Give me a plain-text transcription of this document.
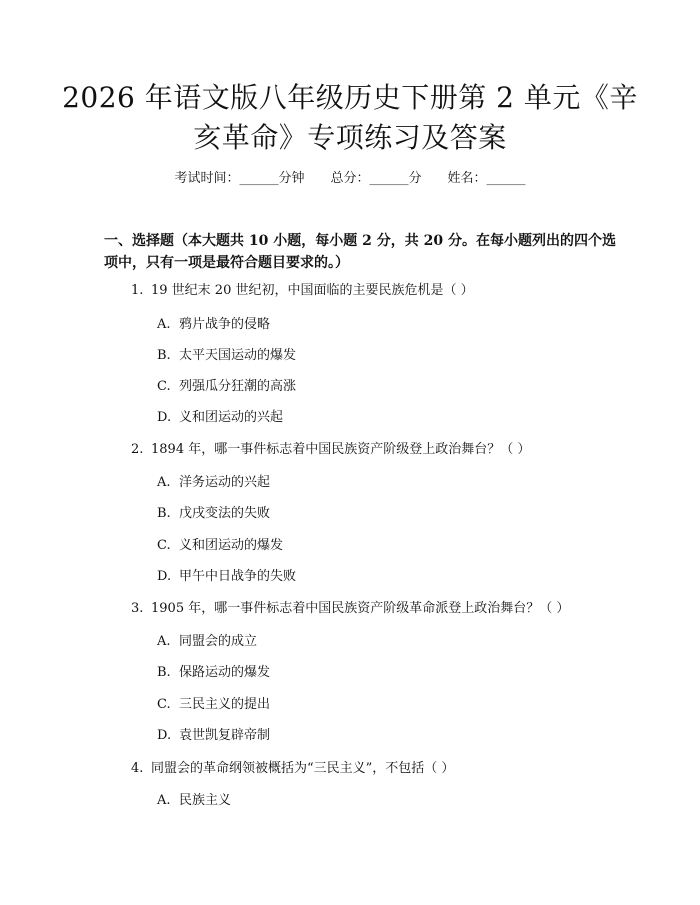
2026 年语文版八年级历史下册第 2 单元《辛
亥革命》专项练习及答案
考试时间：______分钟 总分：______分 姓名：______
一、选择题（本大题共 10 小题，每小题 2 分，共 20 分。在每小题列出的四个选
项中，只有一项是最符合题目要求的。）
1. 19 世纪末 20 世纪初，中国面临的主要民族危机是（ ）
A. 鸦片战争的侵略
B. 太平天国运动的爆发
C. 列强瓜分狂潮的高涨
D. 义和团运动的兴起
2. 1894 年，哪一事件标志着中国民族资产阶级登上政治舞台？（ ）
A. 洋务运动的兴起
B. 戊戌变法的失败
C. 义和团运动的爆发
D. 甲午中日战争的失败
3. 1905 年，哪一事件标志着中国民族资产阶级革命派登上政治舞台？（ ）
A. 同盟会的成立
B. 保路运动的爆发
C. 三民主义的提出
D. 袁世凯复辟帝制
4. 同盟会的革命纲领被概括为“三民主义”，不包括（ ）
A. 民族主义
